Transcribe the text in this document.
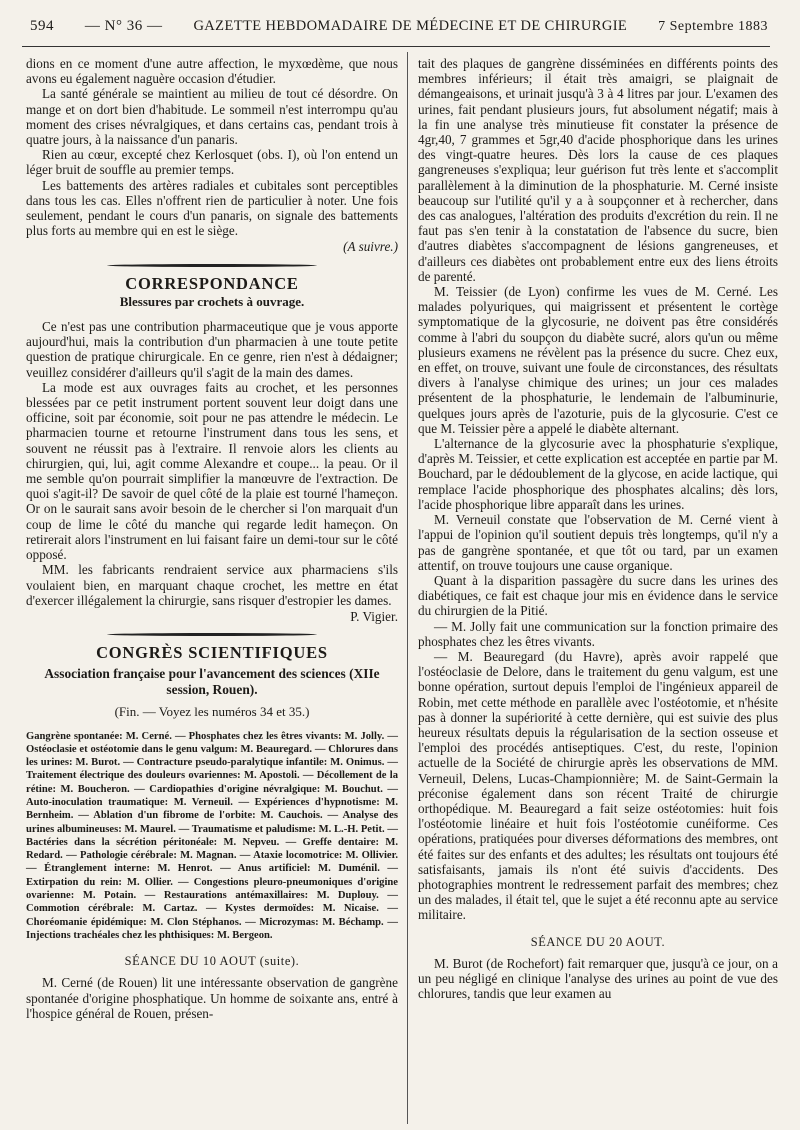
594 — N° 36 — GAZETTE HEBDOMADAIRE DE MÉDECINE ET DE CHIRURGIE 7 Septembre 1883

dions en ce moment d'une autre affection, le myxœdème, que nous avons eu également naguère occasion d'étudier.

La santé générale se maintient au milieu de tout cé désordre. On mange et on dort bien d'habitude. Le sommeil n'est interrompu qu'au moment des crises névralgiques, et dans certains cas, pendant trois à quatre jours, à la naissance d'un panaris.

Rien au cœur, excepté chez Kerlosquet (obs. I), où l'on entend un léger bruit de souffle au premier temps.

Les battements des artères radiales et cubitales sont perceptibles dans tous les cas. Elles n'offrent rien de particulier à noter. Une fois seulement, pendant le cours d'un panaris, on signale des battements plus forts au membre qui en est le siège.

(A suivre.)

CORRESPONDANCE
Blessures par crochets à ouvrage.

Ce n'est pas une contribution pharmaceutique que je vous apporte aujourd'hui, mais la contribution d'un pharmacien à une toute petite question de pratique chirurgicale. En ce genre, rien n'est à dédaigner; veuillez considérer d'ailleurs qu'il s'agit de la main des dames.

La mode est aux ouvrages faits au crochet, et les personnes blessées par ce petit instrument portent souvent leur doigt dans une officine, soit par économie, soit pour ne pas attendre le médecin. Le pharmacien tourne et retourne l'instrument dans tous les sens, et souvent ne réussit pas à l'extraire. Il renvoie alors les clients au chirurgien, qui, lui, agit comme Alexandre et coupe... la peau. Or il me semble qu'on pourrait simplifier la manœuvre de l'extraction. De quoi s'agit-il? De savoir de quel côté de la plaie est tourné l'hameçon. Or on le saurait sans avoir besoin de le chercher si l'on marquait d'un coup de lime le côté du manche qui regarde ledit hameçon. On retirerait alors l'instrument en lui faisant faire un demi-tour sur le côté opposé.

MM. les fabricants rendraient service aux pharmaciens s'ils voulaient bien, en marquant chaque crochet, les mettre en état d'exercer illégalement la chirurgie, sans risquer d'estropier les dames.

P. Vigier.

CONGRÈS SCIENTIFIQUES
Association française pour l'avancement des sciences (XIIe session, Rouen).
(Fin. — Voyez les numéros 34 et 35.)

Gangrène spontanée: M. Cerné. — Phosphates chez les êtres vivants: M. Jolly. — Ostéoclasie et ostéotomie dans le genu valgum: M. Beauregard. — Chlorures dans les urines: M. Burot. — Contracture pseudo-paralytique infantile: M. Onimus. — Traitement électrique des douleurs ovariennes: M. Apostoli. — Décollement de la rétine: M. Boucheron. — Cardiopathies d'origine névralgique: M. Bouchut. — Auto-inoculation traumatique: M. Verneuil. — Expériences d'hypnotisme: M. Bernheim. — Ablation d'un fibrome de l'orbite: M. Cauchois. — Analyse des urines albumineuses: M. Maurel. — Traumatisme et paludisme: M. L.-H. Petit. — Bactéries dans la sécrétion péritonéale: M. Nepveu. — Greffe dentaire: M. Redard. — Pathologie cérébrale: M. Magnan. — Ataxie locomotrice: M. Ollivier. — Étranglement interne: M. Henrot. — Anus artificiel: M. Duménil. — Extirpation du rein: M. Ollier. — Congestions pleuro-pneumoniques d'origine ovarienne: M. Potain. — Restaurations antémaxillaires: M. Duplouy. — Commotion cérébrale: M. Cartaz. — Kystes dermoïdes: M. Nicaise. — Choréomanie épidémique: M. Clon Stéphanos. — Microzymas: M. Béchamp. — Injections trachéales chez les phthisiques: M. Bergeon.

SÉANCE DU 10 AOUT (suite).

M. Cerné (de Rouen) lit une intéressante observation de gangrène spontanée d'origine phosphatique. Un homme de soixante ans, entré à l'hospice général de Rouen, présen-

tait des plaques de gangrène disséminées en différents points des membres inférieurs; il était très amaigri, se plaignait de démangeaisons, et urinait jusqu'à 3 à 4 litres par jour. L'examen des urines, fait pendant plusieurs jours, fut absolument négatif; mais à la fin une analyse très minutieuse fit constater la présence de 4gr,40, 7 grammes et 5gr,40 d'acide phosphorique dans les urines des vingt-quatre heures. Dès lors la cause de ces plaques gangreneuses s'expliqua; leur guérison fut très lente et s'accomplit parallèlement à la diminution de la phosphaturie. M. Cerné insiste beaucoup sur l'utilité qu'il y a à soupçonner et à rechercher, dans des cas analogues, l'altération des produits d'excrétion du rein. Il ne faut pas s'en tenir à la constatation de l'absence du sucre, bien d'autres diabètes s'accompagnent de lésions gangreneuses, et d'ailleurs ces diabètes ont probablement entre eux des liens étroits de parenté.

M. Teissier (de Lyon) confirme les vues de M. Cerné. Les malades polyuriques, qui maigrissent et présentent le cortège symptomatique de la glycosurie, ne doivent pas être considérés comme à l'abri du soupçon du diabète sucré, alors qu'un ou même plusieurs examens ne révèlent pas la présence du sucre. Chez eux, en effet, on trouve, suivant une foule de circonstances, des résultats divers à l'analyse chimique des urines; un jour ces malades présentent de la phosphaturie, le lendemain de l'albuminurie, quelques jours après de l'azoturie, puis de la glycosurie. C'est ce que M. Teissier père a appelé le diabète alternant.

L'alternance de la glycosurie avec la phosphaturie s'explique, d'après M. Teissier, et cette explication est acceptée en partie par M. Bouchard, par le dédoublement de la glycose, en acide lactique, qui remplace l'acide phosphorique des phosphates alcalins; dès lors, l'acide phosphorique libre apparaît dans les urines.

M. Verneuil constate que l'observation de M. Cerné vient à l'appui de l'opinion qu'il soutient depuis très longtemps, qu'il n'y a pas de gangrène spontanée, et que tôt ou tard, par un examen attentif, on trouve toujours une cause organique.

Quant à la disparition passagère du sucre dans les urines des diabétiques, ce fait est chaque jour mis en évidence dans le service du chirurgien de la Pitié.

— M. Jolly fait une communication sur la fonction primaire des phosphates chez les êtres vivants.

— M. Beauregard (du Havre), après avoir rappelé que l'ostéoclasie de Delore, dans le traitement du genu valgum, est une bonne opération, surtout depuis l'emploi de l'ingénieux appareil de Robin, met cette méthode en parallèle avec l'ostéotomie, et n'hésite pas à donner la supériorité à cette dernière, qui est suivie des plus heureux résultats depuis la régularisation de la section osseuse et l'emploi des procédés antiseptiques. C'est, du reste, l'opinion actuelle de la Société de chirurgie après les observations de MM. Verneuil, Delens, Lucas-Championnière; M. de Saint-Germain la préconise également dans son récent Traité de chirurgie orthopédique. M. Beauregard a fait seize ostéotomies: huit fois l'ostéotomie linéaire et huit fois l'ostéotomie cunéiforme. Ces opérations, pratiquées pour diverses déformations des membres, ont été faites sur des enfants et des adultes; les résultats ont toujours été satisfaisants, jamais ils n'ont été suivis d'accidents. Des photographies montrent le redressement parfait des membres; chez un des malades, il était tel, que le sujet a été reconnu apte au service militaire.

SÉANCE DU 20 AOUT.

M. Burot (de Rochefort) fait remarquer que, jusqu'à ce jour, on a un peu négligé en clinique l'analyse des urines au point de vue des chlorures, tandis que leur examen au
